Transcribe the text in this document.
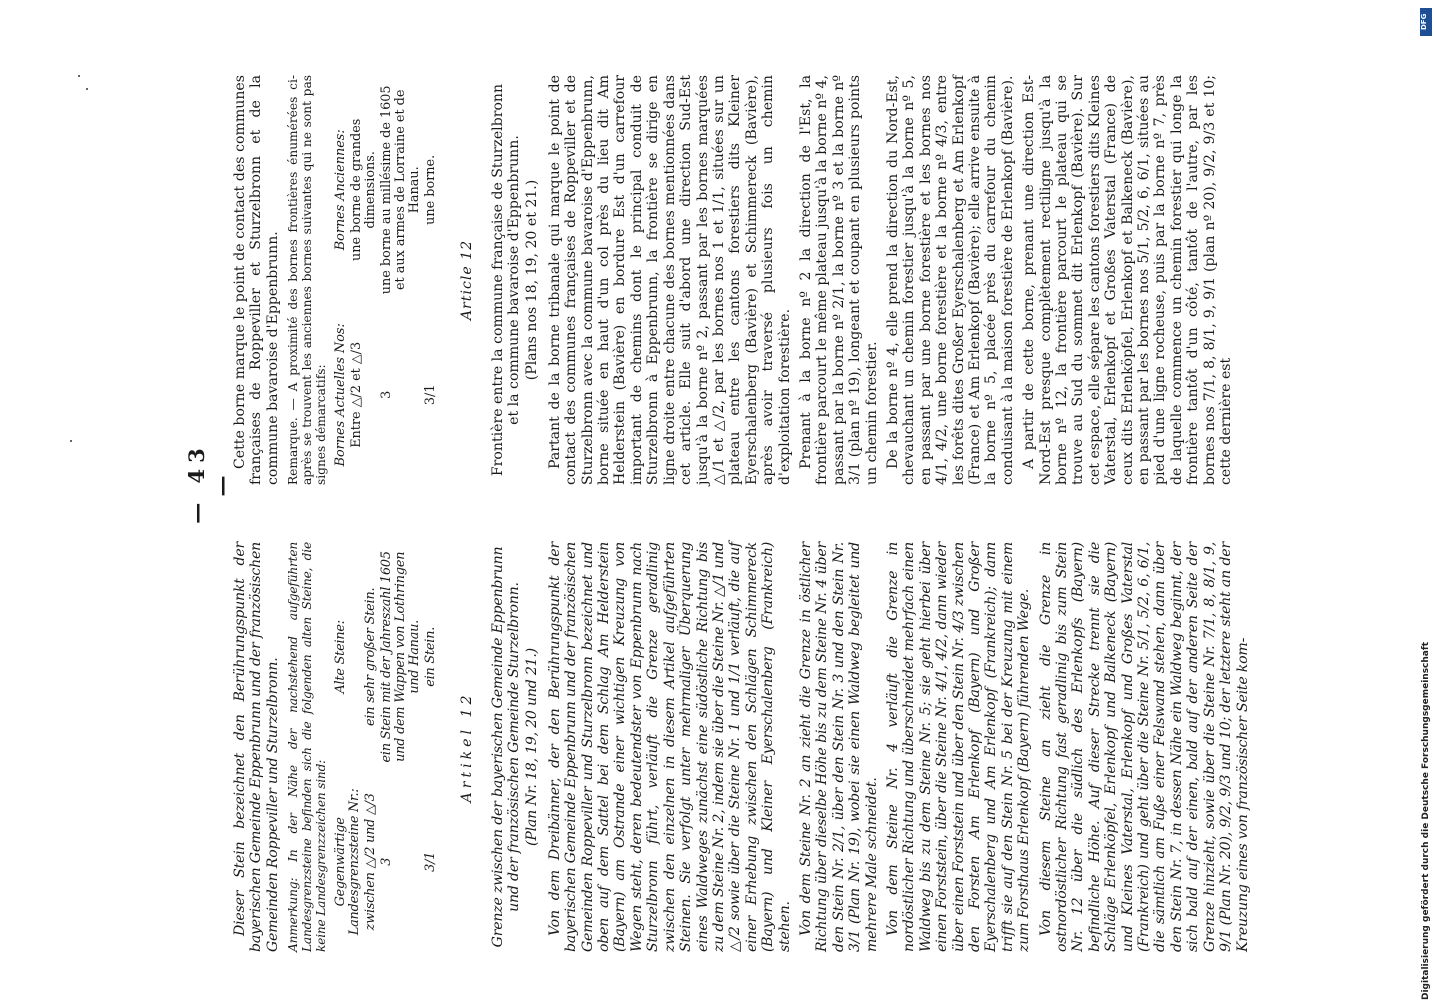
— 43 —

Dieser Stein bezeichnet den Berührungspunkt der bayerischen Gemeinde Eppenbrunn und der französischen Gemeinden Roppeviller und Sturzelbronn. Anmerkung: In der Nähe der nachstehend aufgeführten Landesgrenzsteine befinden sich die folgenden alten Steine, die keine Landesgrenzzeichen sind: Gegenwärtige Landesgrenzsteine Nr.:	Alte Steine:
zwischen △/2 und △/3	ein sehr großer Stein.
3	ein Stein mit der Jahreszahl 1605 und dem Wappen von Lothringen und Hanau.
3/1	ein Stein.

Artikel 12 Grenze zwischen der bayerischen Gemeinde Eppenbrunn und der französischen Gemeinde Sturzelbronn. (Plan Nr. 18, 19, 20 und 21.) Von dem Dreibänner, der den Berührungspunkt der bayerischen Gemeinde Eppenbrunn und der französischen Gemeinden Roppeviller und Sturzelbronn bezeichnet und oben auf dem Sattel bei dem Schlag Am Helderstein (Bayern) am Ostrande einer wichtigen Kreuzung von Wegen steht, deren bedeutendster von Eppenbrunn nach Sturzelbronn führt, verläuft die Grenze geradlinig zwischen den einzelnen in diesem Artikel aufgeführten Steinen. Sie verfolgt unter mehrmaliger Überquerung eines Waldweges zunächst eine südöstliche Richtung bis zu dem Steine Nr. 2, indem sie über die Steine Nr. △/1 und △/2 sowie über die Steine Nr. 1 und 1/1 verläuft, die auf einer Erhebung zwischen den Schlägen Schimmereck (Bayern) und Kleiner Eyerschalenberg (Frankreich) stehen. Von dem Steine Nr. 2 an zieht die Grenze in östlicher Richtung über dieselbe Höhe bis zu dem Steine Nr. 4 über den Stein Nr. 2/1, über den Stein Nr. 3 und den Stein Nr. 3/1 (Plan Nr. 19), wobei sie einen Waldweg begleitet und mehrere Male schneidet. Von dem Steine Nr. 4 verläuft die Grenze in nordöstlicher Richtung und überschneidet mehrfach einen Waldweg bis zu dem Steine Nr. 5; sie geht hierbei über einen Forststein, über die Steine Nr. 4/1, 4/2, dann wieder über einen Forststein und über den Stein Nr. 4/3 zwischen den Forsten Am Erlenkopf (Bayern) und Großer Eyerschalenberg und Am Erlenkopf (Frankreich); dann trifft sie auf den Stein Nr. 5 bei der Kreuzung mit einem zum Forsthaus Erlenkopf (Bayern) führenden Wege. Von diesem Steine an zieht die Grenze in ostnordöstlicher Richtung fast geradlinig bis zum Stein Nr. 12 über die südlich des Erlenkopfs (Bayern) befindliche Höhe. Auf dieser Strecke trennt sie die Schläge Erlenköpfel, Erlenkopf und Balkeneck (Bayern) und Kleines Vaterstal, Erlenkopf und Großes Vaterstal (Frankreich) und geht über die Steine Nr. 5/1, 5/2, 6, 6/1, die sämtlich am Fuße einer Felswand stehen, dann über den Stein Nr. 7, in dessen Nähe ein Waldweg beginnt, der sich bald auf der einen, bald auf der anderen Seite der Grenze hinzieht, sowie über die Steine Nr. 7/1, 8, 8/1, 9, 9/1 (Plan Nr. 20), 9/2, 9/3 und 10; der letztere steht an der Kreuzung eines von französischer Seite kom-

Cette borne marque le point de contact des communes françaises de Roppeviller et Sturzelbronn et de la commune bavaroise d'Eppenbrunn. Remarque. — A proximité des bornes frontières énumérées ci-après se trouvent les anciennes bornes suivantes qui ne sont pas signes démarcatifs: Bornes Actuelles Nos:	Bornes Anciennes:
Entre △/2 et △/3	une borne de grandes dimensions.
3	une borne au millésime de 1605 et aux armes de Lorraine et de Hanau.
3/1	une borne.

Article 12 Frontière entre la commune française de Sturzelbronn et la commune bavaroise d'Eppenbrunn. (Plans nos 18, 19, 20 et 21.) Partant de la borne tribanale qui marque le point de contact des communes françaises de Roppeviller et de Sturzelbronn avec la commune bavaroise d'Eppenbrunn, borne située en haut d'un col près du lieu dit Am Helderstein (Bavière) en bordure Est d'un carrefour important de chemins dont le principal conduit de Sturzelbronn à Eppenbrunn, la frontière se dirige en ligne droite entre chacune des bornes mentionnées dans cet article. Elle suit d'abord une direction Sud-Est jusqu'à la borne nº 2, passant par les bornes marquées △/1 et △/2, par les bornes nos 1 et 1/1, situées sur un plateau entre les cantons forestiers dits Kleiner Eyerschalenberg (Bavière) et Schimmereck (Bavière), après avoir traversé plusieurs fois un chemin d'exploitation forestière. Prenant à la borne nº 2 la direction de l'Est, la frontière parcourt le même plateau jusqu'à la borne nº 4, passant par la borne nº 2/1, la borne nº 3 et la borne nº 3/1 (plan nº 19), longeant et coupant en plusieurs points un chemin forestier. De la borne nº 4, elle prend la direction du Nord-Est, chevauchant un chemin forestier jusqu'à la borne nº 5, en passant par une borne forestière et les bornes nos 4/1, 4/2, une borne forestière et la borne nº 4/3, entre les forêts dites Großer Eyerschalenberg et Am Erlenkopf (France) et Am Erlenkopf (Bavière); elle arrive ensuite à la borne nº 5, placée près du carrefour du chemin conduisant à la maison forestière de Erlenkopf (Bavière). A partir de cette borne, prenant une direction Est-Nord-Est presque complètement rectiligne jusqu'à la borne nº 12, la frontière parcourt le plateau qui se trouve au Sud du sommet dit Erlenkopf (Bavière). Sur cet espace, elle sépare les cantons forestiers dits Kleines Vaterstal, Erlenkopf et Großes Vaterstal (France) de ceux dits Erlenköpfel, Erlenkopf et Balkeneck (Bavière), en passant par les bornes nos 5/1, 5/2, 6, 6/1, situées au pied d'une ligne rocheuse, puis par la borne nº 7, près de laquelle commence un chemin forestier qui longe la frontière tantôt d'un côté, tantôt de l'autre, par les bornes nos 7/1, 8, 8/1, 9, 9/1 (plan nº 20), 9/2, 9/3 et 10; cette dernière est

Digitalisierung gefördert durch die Deutsche Forschungsgemeinschaft
DFG
